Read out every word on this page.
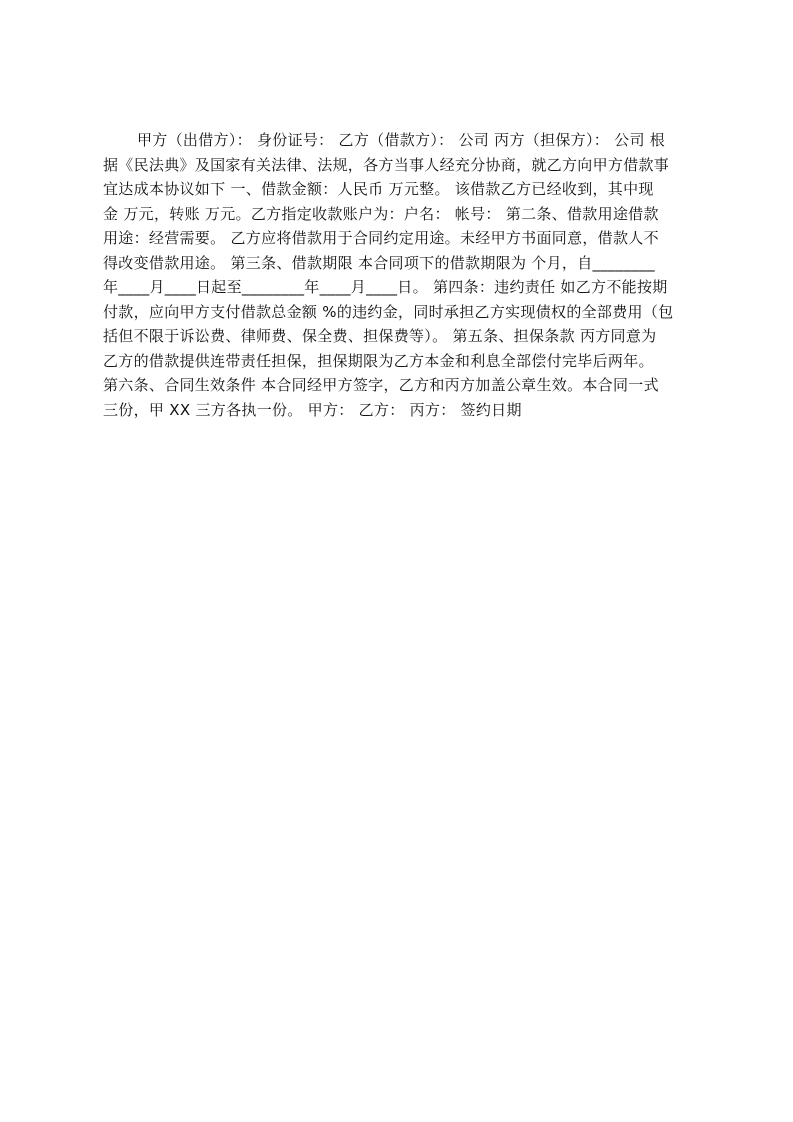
甲方（出借方）： 身份证号： 乙方（借款方）： 公司 丙方（担保方）： 公司 根
据《民法典》及国家有关法律、法规，各方当事人经充分协商，就乙方向甲方借款事
宜达成本协议如下 一、借款金额：人民币 万元整。 该借款乙方已经收到，其中现
金 万元，转账 万元。乙方指定收款账户为：户名： 帐号： 第二条、借款用途借款
用途：经营需要。 乙方应将借款用于合同约定用途。未经甲方书面同意，借款人不
得改变借款用途。 第三条、借款期限 本合同项下的借款期限为 个月，自________
年____月____日起至________年____月____日。 第四条：违约责任 如乙方不能按期
付款，应向甲方支付借款总金额 %的违约金，同时承担乙方实现债权的全部费用（包
括但不限于诉讼费、律师费、保全费、担保费等）。 第五条、担保条款 丙方同意为
乙方的借款提供连带责任担保，担保期限为乙方本金和利息全部偿付完毕后两年。
第六条、合同生效条件 本合同经甲方签字，乙方和丙方加盖公章生效。本合同一式
三份，甲 XX 三方各执一份。 甲方： 乙方： 丙方： 签约日期
